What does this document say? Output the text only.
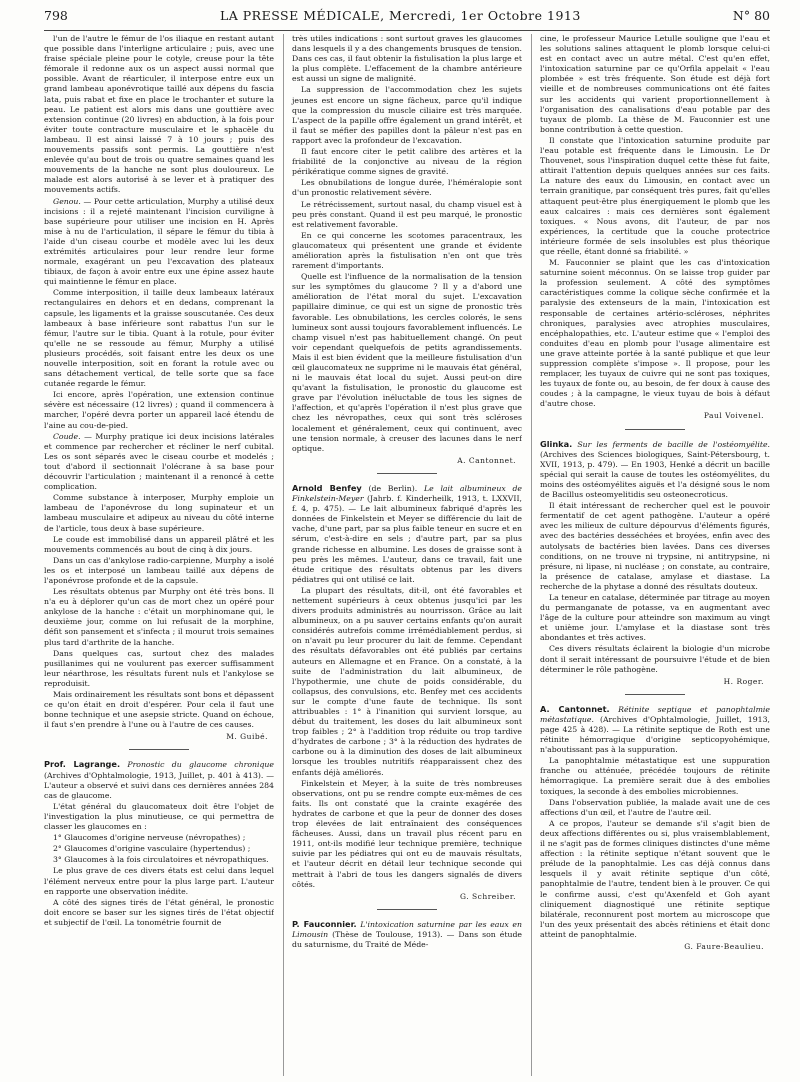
798	LA PRESSE MÉDICALE, Mercredi, 1er Octobre 1913	N° 80

l'un de l'autre le fémur de l'os iliaque en restant autant que possible dans l'interligne articulaire ; puis, avec une fraise spéciale pleine pour le cotyle, creuse pour la tête fémorale il redonne aux os un aspect aussi normal que possible. Avant de réarticuler, il interpose entre eux un grand lambeau aponévrotique taillé aux dépens du fascia lata, puis rabat et fixe en place le trochanter et suture la peau. Le patient est alors mis dans une gouttière avec extension continue (20 livres) en abduction, à la fois pour éviter toute contracture musculaire et le sphacèle du lambeau. Il est ainsi laissé 7 à 10 jours ; puis des mouvements passifs sont permis. La gouttière n'est enlevée qu'au bout de trois ou quatre semaines quand les mouvements de la hanche ne sont plus douloureux. Le malade est alors autorisé à se lever et à pratiquer des mouvements actifs.

Genou. — Pour cette articulation, Murphy a utilisé deux incisions : il a rejeté maintenant l'incision curviligne à base supérieure pour utiliser une incision en H. Après mise à nu de l'articulation, il sépare le fémur du tibia à l'aide d'un ciseau courbe et modèle avec lui les deux extrémités articulaires pour leur rendre leur forme normale, exagérant un peu l'excavation des plateaux tibiaux, de façon à avoir entre eux une épine assez haute qui maintienne le fémur en place.

Comme interposition, il taille deux lambeaux latéraux rectangulaires en dehors et en dedans, comprenant la capsule, les ligaments et la graisse souscutanée. Ces deux lambeaux à base inférieure sont rabattus l'un sur le fémur, l'autre sur le tibia. Quant à la rotule, pour éviter qu'elle ne se ressoude au fémur, Murphy a utilisé plusieurs procédés, soit faisant entre les deux os une nouvelle interposition, soit en forant la rotule avec ou sans détachement vertical, de telle sorte que sa face cutanée regarde le fémur.

Ici encore, après l'opération, une extension continue sévère est nécessaire (12 livres) ; quand il commencera à marcher, l'opéré devra porter un appareil lacé étendu de l'aine au cou-de-pied.

Coude. — Murphy pratique ici deux incisions latérales et commence par rechercher et récliner le nerf cubital. Les os sont séparés avec le ciseau courbe et modelés ; tout d'abord il sectionnait l'olécrane à sa base pour découvrir l'articulation ; maintenant il a renoncé à cette complication.

Comme substance à interposer, Murphy emploie un lambeau de l'aponévrose du long supinateur et un lambeau musculaire et adipeux au niveau du côté interne de l'article, tous deux à base supérieure.

Le coude est immobilisé dans un appareil plâtré et les mouvements commencés au bout de cinq à dix jours.

Dans un cas d'ankylose radio-carpienne, Murphy a isolé les os et interposé un lambeau taillé aux dépens de l'aponévrose profonde et de la capsule.

Les résultats obtenus par Murphy ont été très bons. Il n'a eu à déplorer qu'un cas de mort chez un opéré pour ankylose de la hanche : c'était un morphinomane qui, le deuxième jour, comme on lui refusait de la morphine, défit son pansement et s'infecta ; il mourut trois semaines plus tard d'arthrite de la hanche.

Dans quelques cas, surtout chez des malades pusillanimes qui ne voulurent pas exercer suffisamment leur néarthrose, les résultats furent nuls et l'ankylose se reproduisit.

Mais ordinairement les résultats sont bons et dépassent ce qu'on était en droit d'espérer. Pour cela il faut une bonne technique et une asepsie stricte. Quand on échoue, il faut s'en prendre à l'une ou à l'autre de ces causes.

M. Guibé.

Prof. Lagrange. Pronostic du glaucome chronique (Archives d'Ophtalmologie, 1913, Juillet, p. 401 à 413). — L'auteur a observé et suivi dans ces dernières années 284 cas de glaucome.

L'état général du glaucomateux doit être l'objet de l'investigation la plus minutieuse, ce qui permettra de classer les glaucomes en :

1° Glaucomes d'origine nerveuse (névropathes) ;

2° Glaucomes d'origine vasculaire (hypertendus) ;

3° Glaucomes à la fois circulatoires et névropathiques.

Le plus grave de ces divers états est celui dans lequel l'élément nerveux entre pour la plus large part. L'auteur en rapporte une observation inédite.

A côté des signes tirés de l'état général, le pronostic doit encore se baser sur les signes tirés de l'état objectif et subjectif de l'œil. La tonométrie fournit de

très utiles indications : sont surtout graves les glaucomes dans lesquels il y a des changements brusques de tension. Dans ces cas, il faut obtenir la fistulisation la plus large et la plus complète. L'effacement de la chambre antérieure est aussi un signe de malignité.

La suppression de l'accommodation chez les sujets jeunes est encore un signe fâcheux, parce qu'il indique que la compression du muscle ciliaire est très marquée. L'aspect de la papille offre également un grand intérêt, et il faut se méfier des papilles dont la pâleur n'est pas en rapport avec la profondeur de l'excavation.

Il faut encore citer le petit calibre des artères et la friabilité de la conjonctive au niveau de la région périkératique comme signes de gravité.

Les obnubilations de longue durée, l'héméralopie sont d'un pronostic relativement sévère.

Le rétrécissement, surtout nasal, du champ visuel est à peu près constant. Quand il est peu marqué, le pronostic est relativement favorable.

En ce qui concerne les scotomes paracentraux, les glaucomateux qui présentent une grande et évidente amélioration après la fistulisation n'en ont que très rarement d'importants.

Quelle est l'influence de la normalisation de la tension sur les symptômes du glaucome ? Il y a d'abord une amélioration de l'état moral du sujet. L'excavation papillaire diminue, ce qui est un signe de pronostic très favorable. Les obnubilations, les cercles colorés, le sens lumineux sont aussi toujours favorablement influencés. Le champ visuel n'est pas habituellement changé. On peut voir cependant quelquefois de petits agrandissements. Mais il est bien évident que la meilleure fistulisation d'un œil glaucomateux ne supprime ni le mauvais état général, ni le mauvais état local du sujet. Aussi peut-on dire qu'avant la fistulisation, le pronostic du glaucome est grave par l'évolution inéluctable de tous les signes de l'affection, et qu'après l'opération il n'est plus grave que chez les névropathes, ceux qui sont très scléroses localement et généralement, ceux qui continuent, avec une tension normale, à creuser des lacunes dans le nerf optique.

A. Cantonnet.

Arnold Benfey (de Berlin). Le lait albumineux de Finkelstein-Meyer (Jahrb. f. Kinderheilk, 1913, t. LXXVII, f. 4, p. 475). — Le lait albumineux fabriqué d'après les données de Finkelstein et Meyer se différencie du lait de vache, d'une part, par sa plus faible teneur en sucre et en sérum, c'est-à-dire en sels ; d'autre part, par sa plus grande richesse en albumine. Les doses de graisse sont à peu près les mêmes. L'auteur, dans ce travail, fait une étude critique des résultats obtenus par les divers pédiatres qui ont utilisé ce lait.

La plupart des résultats, dit-il, ont été favorables et nettement supérieurs à ceux obtenus jusqu'ici par les divers produits administrés au nourrisson. Grâce au lait albumineux, on a pu sauver certains enfants qu'on aurait considérés autrefois comme irrémédiablement perdus, si on n'avait pu leur procurer du lait de femme. Cependant des résultats défavorables ont été publiés par certains auteurs en Allemagne et en France. On a constaté, à la suite de l'administration du lait albumineux, de l'hypothermie, une chute de poids considérable, du collapsus, des convulsions, etc. Benfey met ces accidents sur le compte d'une faute de technique. Ils sont attribuables : 1° à l'inanition qui survient lorsque, au début du traitement, les doses du lait albumineux sont trop faibles ; 2° à l'addition trop réduite ou trop tardive d'hydrates de carbone ; 3° à la réduction des hydrates de carbone ou à la diminution des doses de lait albumineux lorsque les troubles nutritifs réapparaissent chez des enfants déjà améliorés.

Finkelstein et Meyer, à la suite de très nombreuses observations, ont pu se rendre compte eux-mêmes de ces faits. Ils ont constaté que la crainte exagérée des hydrates de carbone et que la peur de donner des doses trop élevées de lait entraînaient des conséquences fâcheuses. Aussi, dans un travail plus récent paru en 1911, ont-ils modifié leur technique première, technique suivie par les pédiatres qui ont eu de mauvais résultats, et l'auteur décrit en détail leur technique seconde qui mettrait à l'abri de tous les dangers signalés de divers côtés.

G. Schreiber.

P. Fauconnier. L'intoxication saturnine par les eaux en Limousin (Thèse de Toulouse, 1913). — Dans son étude du saturnisme, du Traité de Méde-

cine, le professeur Maurice Letulle souligne que l'eau et les solutions salines attaquent le plomb lorsque celui-ci est en contact avec un autre métal. C'est qu'en effet, l'intoxication saturnine par ce qu'Orfila appelait « l'eau plombée » est très fréquente. Son étude est déjà fort vieille et de nombreuses communications ont été faites sur les accidents qui varient proportionnellement à l'organisation des canalisations d'eau potable par des tuyaux de plomb. La thèse de M. Fauconnier est une bonne contribution à cette question.

Il constate que l'intoxication saturnine produite par l'eau potable est fréquente dans le Limousin. Le Dr Thouvenet, sous l'inspiration duquel cette thèse fut faite, attirait l'attention depuis quelques années sur ces faits. La nature des eaux du Limousin, en contact avec un terrain granitique, par conséquent très pures, fait qu'elles attaquent peut-être plus énergiquement le plomb que les eaux calcaires : mais ces dernières sont également toxiques. « Nous avons, dit l'auteur, de par nos expériences, la certitude que la couche protectrice intérieure formée de sels insolubles est plus théorique que réelle, étant donné sa friabilité. »

M. Fauconnier se plaint que les cas d'intoxication saturnine soient méconnus. On se laisse trop guider par la profession seulement. A côté des symptômes caractéristiques comme la colique sèche confirmée et la paralysie des extenseurs de la main, l'intoxication est responsable de certaines artério-scléroses, néphrites chroniques, paralysies avec atrophies musculaires, encéphalopathies, etc. L'auteur estime que « l'emploi des conduites d'eau en plomb pour l'usage alimentaire est une grave atteinte portée à la santé publique et que leur suppression complète s'impose ». Il propose, pour les remplacer, les tuyaux de cuivre qui ne sont pas toxiques, les tuyaux de fonte ou, au besoin, de fer doux à cause des coudes ; à la campagne, le vieux tuyau de bois à défaut d'autre chose.

Paul Voivenel.

Glinka. Sur les ferments de bacille de l'ostéomyélite. (Archives des Sciences biologiques, Saint-Pétersbourg, t. XVII, 1913, p. 479). — En 1903, Henké a décrit un bacille spécial qui serait la cause de toutes les ostéomyélites, du moins des ostéomyélites aiguës et l'a désigné sous le nom de Bacillus osteomyelitidis seu osteonecroticus.

Il était intéressant de rechercher quel est le pouvoir fermentatif de cet agent pathogène. L'auteur a opéré avec les milieux de culture dépourvus d'éléments figurés, avec des bactéries desséchées et broyées, enfin avec des autolysats de bactéries bien lavées. Dans ces diverses conditions, on ne trouve ni trypsine, ni antitrypsine, ni présure, ni lipase, ni nucléase ; on constate, au contraire, la présence de catalase, amylase et diastase. La recherche de la phytase a donné des résultats douteux.

La teneur en catalase, déterminée par titrage au moyen du permanganate de potasse, va en augmentant avec l'âge de la culture pour atteindre son maximum au vingt et unième jour. L'amylase et la diastase sont très abondantes et très actives.

Ces divers résultats éclairent la biologie d'un microbe dont il serait intéressant de poursuivre l'étude et de bien déterminer le rôle pathogène.

H. Roger.

A. Cantonnet. Rétinite septique et panophtalmie métastatique. (Archives d'Ophtalmologie, Juillet, 1913, page 425 à 428). — La rétinite septique de Roth est une rétinite hémorragique d'origine septicopyohémique, n'aboutissant pas à la suppuration.

La panophtalmie métastatique est une suppuration franche ou atténuée, précédée toujours de rétinite hémorragique. La première serait due à des embolies toxiques, la seconde à des embolies microbiennes.

Dans l'observation publiée, la malade avait une de ces affections d'un œil, et l'autre de l'autre œil.

A ce propos, l'auteur se demande s'il s'agit bien de deux affections différentes ou si, plus vraisemblablement, il ne s'agit pas de formes cliniques distinctes d'une même affection : la rétinite septique n'étant souvent que le prélude de la panophtalmie. Les cas déjà connus dans lesquels il y avait rétinite septique d'un côté, panophtalmie de l'autre, tendent bien à le prouver. Ce qui le confirme aussi, c'est qu'Axenfeld et Goh ayant cliniquement diagnostiqué une rétinite septique bilatérale, reconnurent post mortem au microscope que l'un des yeux présentait des abcès rétiniens et était donc atteint de panophtalmie.

G. Faure-Beaulieu.
